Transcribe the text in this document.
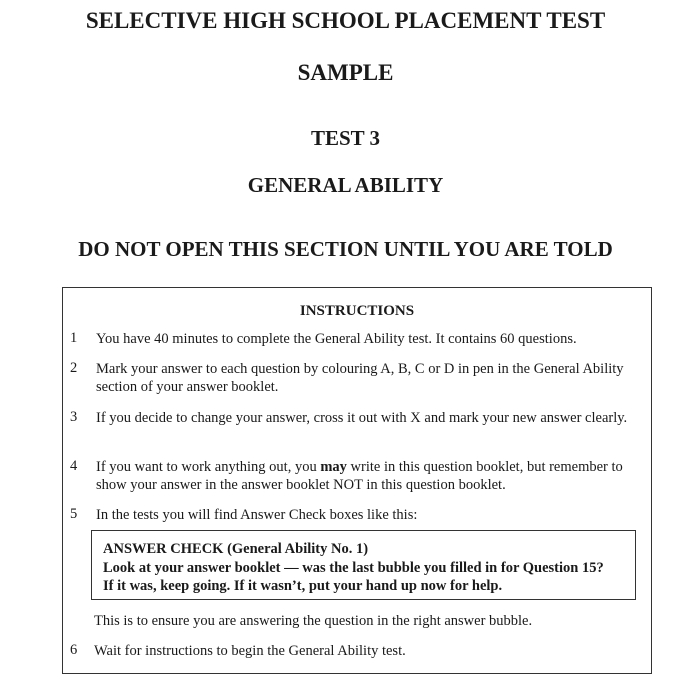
SELECTIVE HIGH SCHOOL PLACEMENT TEST
SAMPLE
TEST 3
GENERAL ABILITY
DO NOT OPEN THIS SECTION UNTIL YOU ARE TOLD
INSTRUCTIONS
1 You have 40 minutes to complete the General Ability test. It contains 60 questions.
2 Mark your answer to each question by colouring A, B, C or D in pen in the General Ability section of your answer booklet.
3 If you decide to change your answer, cross it out with X and mark your new answer clearly.
4 If you want to work anything out, you may write in this question booklet, but remember to show your answer in the answer booklet NOT in this question booklet.
5 In the tests you will find Answer Check boxes like this:
ANSWER CHECK (General Ability No. 1)
Look at your answer booklet — was the last bubble you filled in for Question 15?
If it was, keep going. If it wasn’t, put your hand up now for help.
This is to ensure you are answering the question in the right answer bubble.
6 Wait for instructions to begin the General Ability test.
